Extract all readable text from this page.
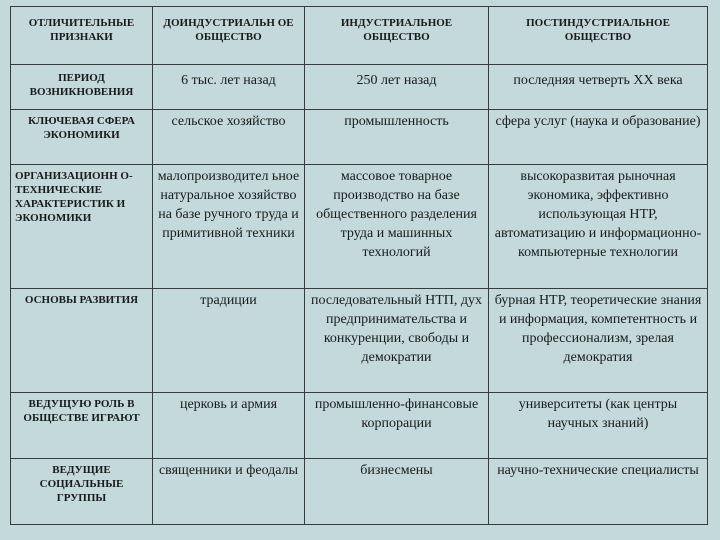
ОТЛИЧИТЕЛЬНЫЕ ПРИЗНАКИ	ДОИНДУСТРИАЛЬН ОЕ ОБЩЕСТВО	ИНДУСТРИАЛЬНОЕ ОБЩЕСТВО	ПОСТИНДУСТРИАЛЬНОЕ ОБЩЕСТВО
ПЕРИОД ВОЗНИКНОВЕНИЯ	6 тыс. лет назад	250 лет назад	последняя четверть XX века
КЛЮЧЕВАЯ СФЕРА ЭКОНОМИКИ	сельское хозяйство	промышленность	сфера услуг (наука и образование)
ОРГАНИЗАЦИОНН О-ТЕХНИЧЕСКИЕ ХАРАКТЕРИСТИК И ЭКОНОМИКИ	малопроизводител ьное натуральное хозяйство на базе ручного труда и примитивной техники	массовое товарное производство на базе общественного разделения труда и машинных технологий	высокоразвитая рыночная экономика, эффективно использующая НТР, автоматизацию и информационно-компьютерные технологии
ОСНОВЫ РАЗВИТИЯ	традиции	последовательный НТП, дух предпринимательства и конкуренции, свободы и демократии	бурная НТР, теоретические знания и информация, компетентность и профессионализм, зрелая демократия
ВЕДУЩУЮ РОЛЬ В ОБЩЕСТВЕ ИГРАЮТ	церковь и армия	промышленно-финансовые корпорации	университеты (как центры научных знаний)
ВЕДУЩИЕ СОЦИАЛЬНЫЕ ГРУППЫ	священники и феодалы	бизнесмены	научно-технические специалисты
